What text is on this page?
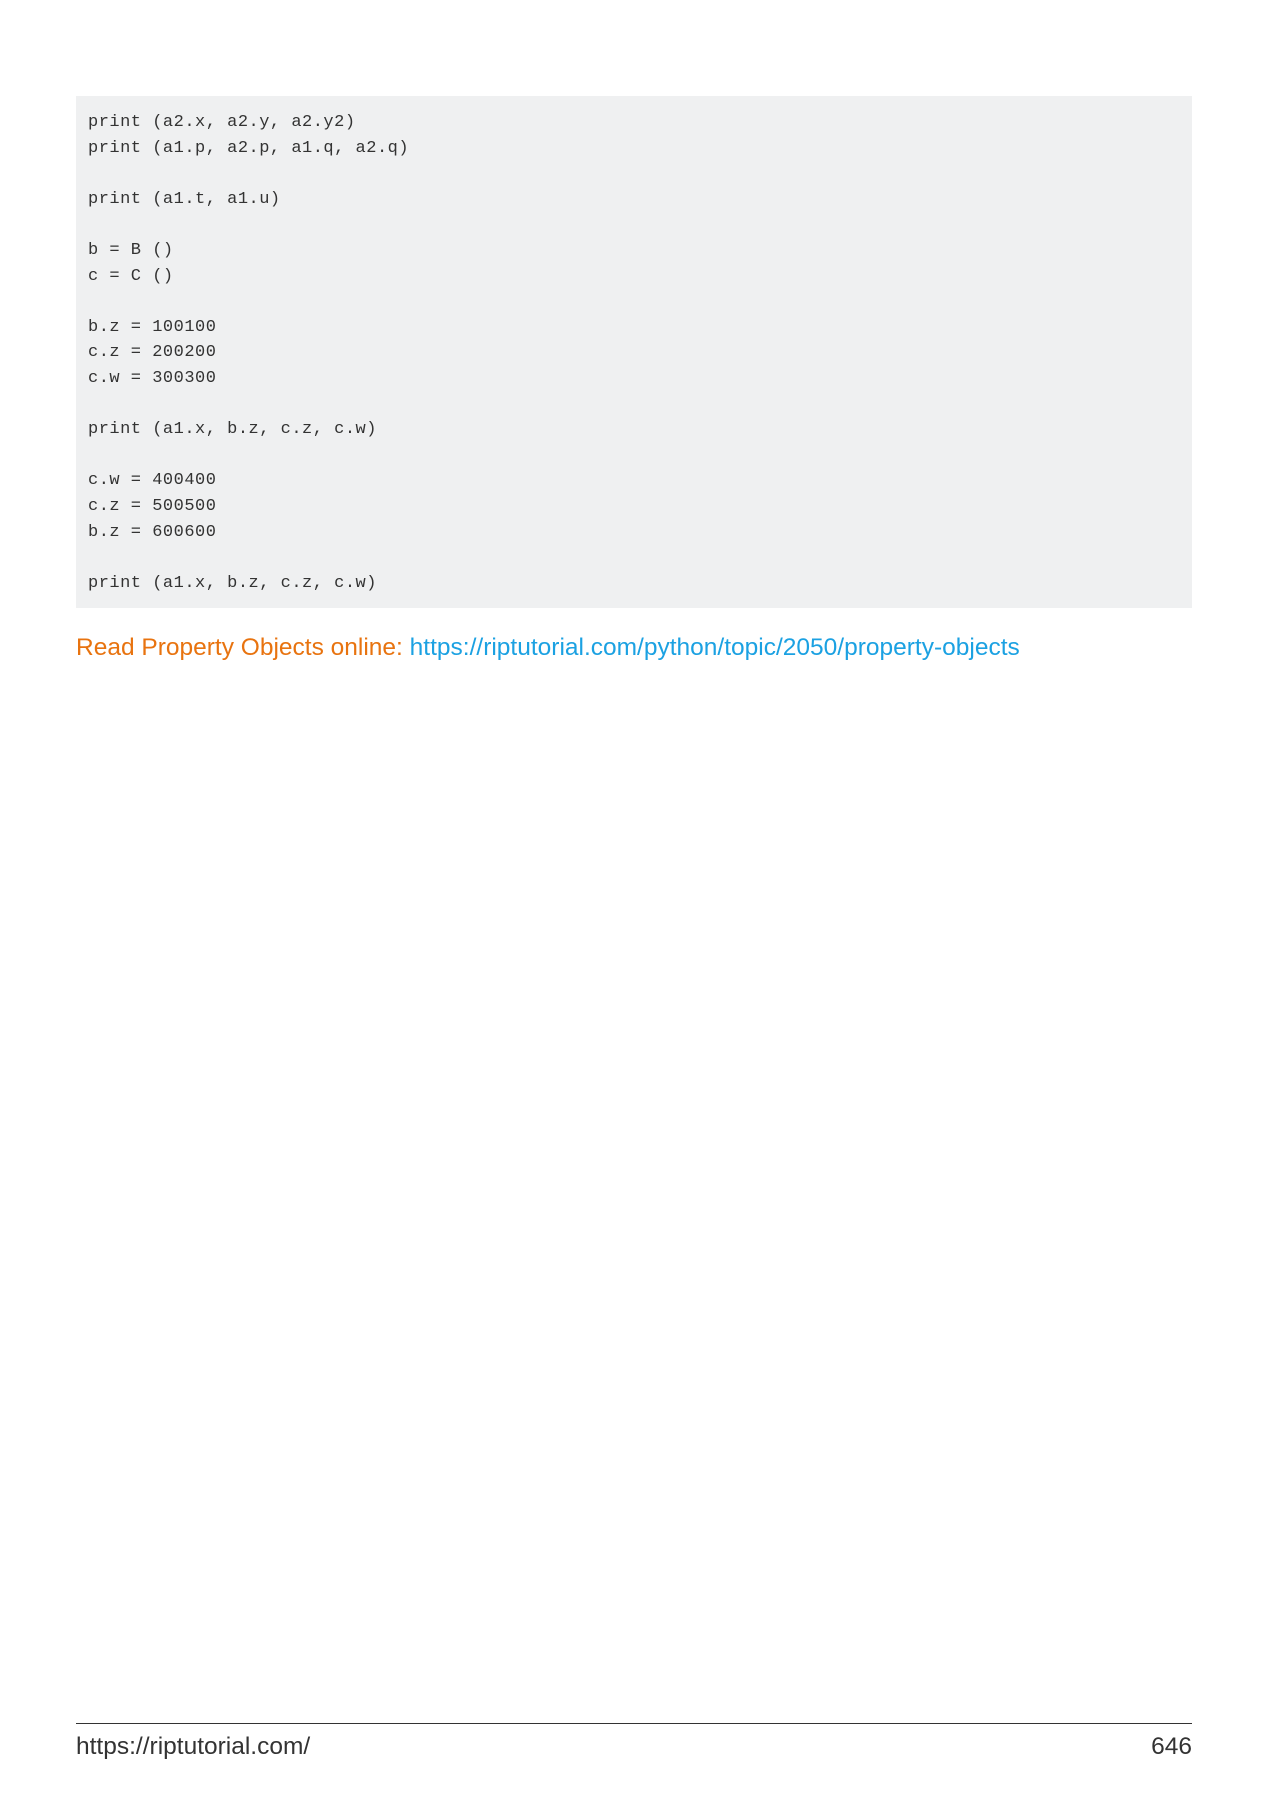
print (a2.x, a2.y, a2.y2)
print (a1.p, a2.p, a1.q, a2.q)
print (a1.t, a1.u)
b = B ()
c = C ()
b.z = 100100
c.z = 200200
c.w = 300300
print (a1.x, b.z, c.z, c.w)
c.w = 400400
c.z = 500500
b.z = 600600
print (a1.x, b.z, c.z, c.w)
Read Property Objects online: https://riptutorial.com/python/topic/2050/property-objects
https://riptutorial.com/	646
